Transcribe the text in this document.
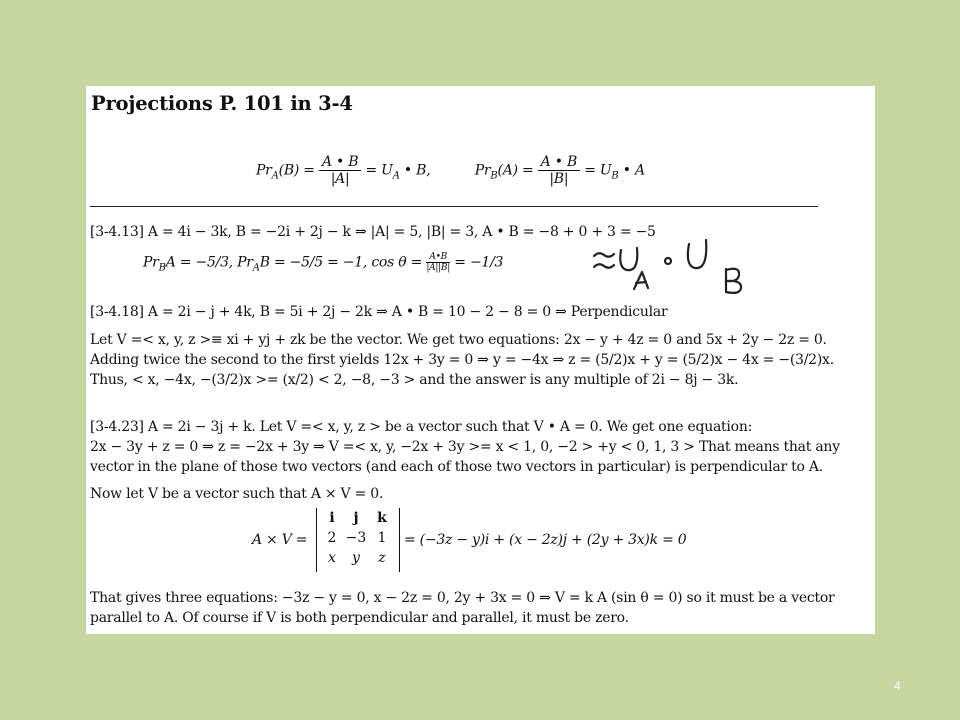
Projections P. 101 in 3-4
$Pr_A(B) = \frac{A • B}{|A|} = U_A$ • B,	$Pr_B(A) = \frac{A • B}{|B|} = U_B$ • A
[3-4.13] A = 4i − 3k, B = −2i + 2j − k ⇒ |A| = 5, |B| = 3, A • B = −8 + 0 + 3 = −5
$Pr_BA = -5/3$, $Pr_AB = -5/5 = -1$, $\cos \theta = \frac{A•B}{|A||B|} = -1/3$
[3-4.18] A = 2i − j + 4k, B = 5i + 2j − 2k ⇒ A • B = 10 − 2 − 8 = 0 ⇒ Perpendicular
Let V =< x, y, z >≡ xi + yj + zk be the vector. We get two equations: 2x − y + 4z = 0 and 5x + 2y − 2z = 0.
Adding twice the second to the first yields 12x + 3y = 0 ⇒ y = −4x ⇒ z = (5/2)x + y = (5/2)x − 4x = −(3/2)x.
Thus, < x, −4x, −(3/2)x >= (x/2) < 2, −8, −3 > and the answer is any multiple of 2i − 8j − 3k.
[3-4.23] A = 2i − 3j + k. Let V =< x, y, z > be a vector such that V • A = 0. We get one equation:
2x − 3y + z = 0 ⇒ z = −2x + 3y ⇒ V =< x, y, −2x + 3y >= x < 1, 0, −2 > +y < 0, 1, 3 > That means that any
vector in the plane of those two vectors (and each of those two vectors in particular) is perpendicular to A.
Now let V be a vector such that A × V = 0.
A × V =
i	j	k
2 −3 1
x	y	z
= (−3z − y)i + (x − 2z)j + (2y + 3x)k = 0
That gives three equations: −3z − y = 0, x − 2z = 0, 2y + 3x = 0 ⇒ V = k A (sin θ = 0) so it must be a vector
parallel to A. Of course if V is both perpendicular and parallel, it must be zero.
4
